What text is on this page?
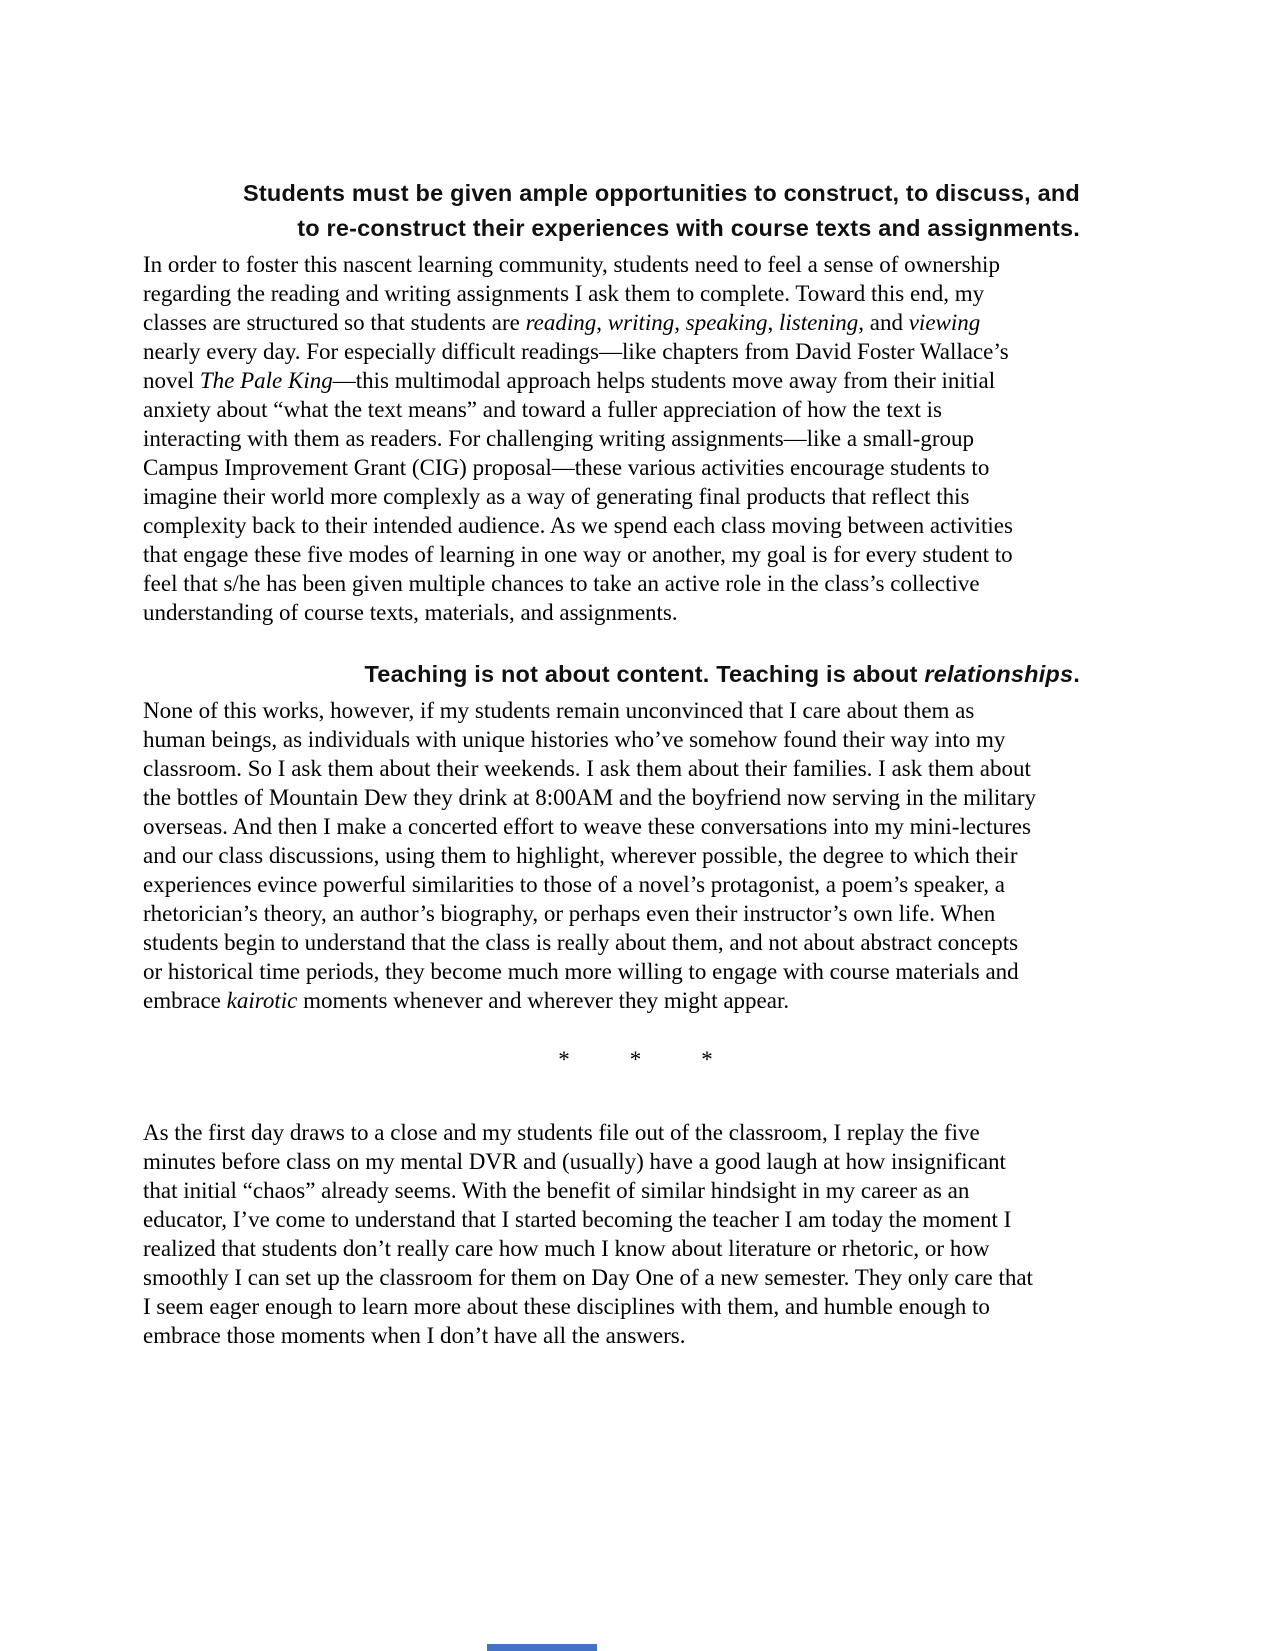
Students must be given ample opportunities to construct, to discuss, and
to re-construct their experiences with course texts and assignments.
In order to foster this nascent learning community, students need to feel a sense of ownership
regarding the reading and writing assignments I ask them to complete. Toward this end, my
classes are structured so that students are reading, writing, speaking, listening, and viewing
nearly every day. For especially difficult readings—like chapters from David Foster Wallace’s
novel The Pale King—this multimodal approach helps students move away from their initial
anxiety about “what the text means” and toward a fuller appreciation of how the text is
interacting with them as readers. For challenging writing assignments—like a small-group
Campus Improvement Grant (CIG) proposal—these various activities encourage students to
imagine their world more complexly as a way of generating final products that reflect this
complexity back to their intended audience. As we spend each class moving between activities
that engage these five modes of learning in one way or another, my goal is for every student to
feel that s/he has been given multiple chances to take an active role in the class’s collective
understanding of course texts, materials, and assignments.
Teaching is not about content. Teaching is about relationships.
None of this works, however, if my students remain unconvinced that I care about them as
human beings, as individuals with unique histories who’ve somehow found their way into my
classroom. So I ask them about their weekends. I ask them about their families. I ask them about
the bottles of Mountain Dew they drink at 8:00AM and the boyfriend now serving in the military
overseas. And then I make a concerted effort to weave these conversations into my mini-lectures
and our class discussions, using them to highlight, wherever possible, the degree to which their
experiences evince powerful similarities to those of a novel’s protagonist, a poem’s speaker, a
rhetorician’s theory, an author’s biography, or perhaps even their instructor’s own life. When
students begin to understand that the class is really about them, and not about abstract concepts
or historical time periods, they become much more willing to engage with course materials and
embrace kairotic moments whenever and wherever they might appear.
*	*	*
As the first day draws to a close and my students file out of the classroom, I replay the five
minutes before class on my mental DVR and (usually) have a good laugh at how insignificant
that initial “chaos” already seems. With the benefit of similar hindsight in my career as an
educator, I’ve come to understand that I started becoming the teacher I am today the moment I
realized that students don’t really care how much I know about literature or rhetoric, or how
smoothly I can set up the classroom for them on Day One of a new semester. They only care that
I seem eager enough to learn more about these disciplines with them, and humble enough to
embrace those moments when I don’t have all the answers.
